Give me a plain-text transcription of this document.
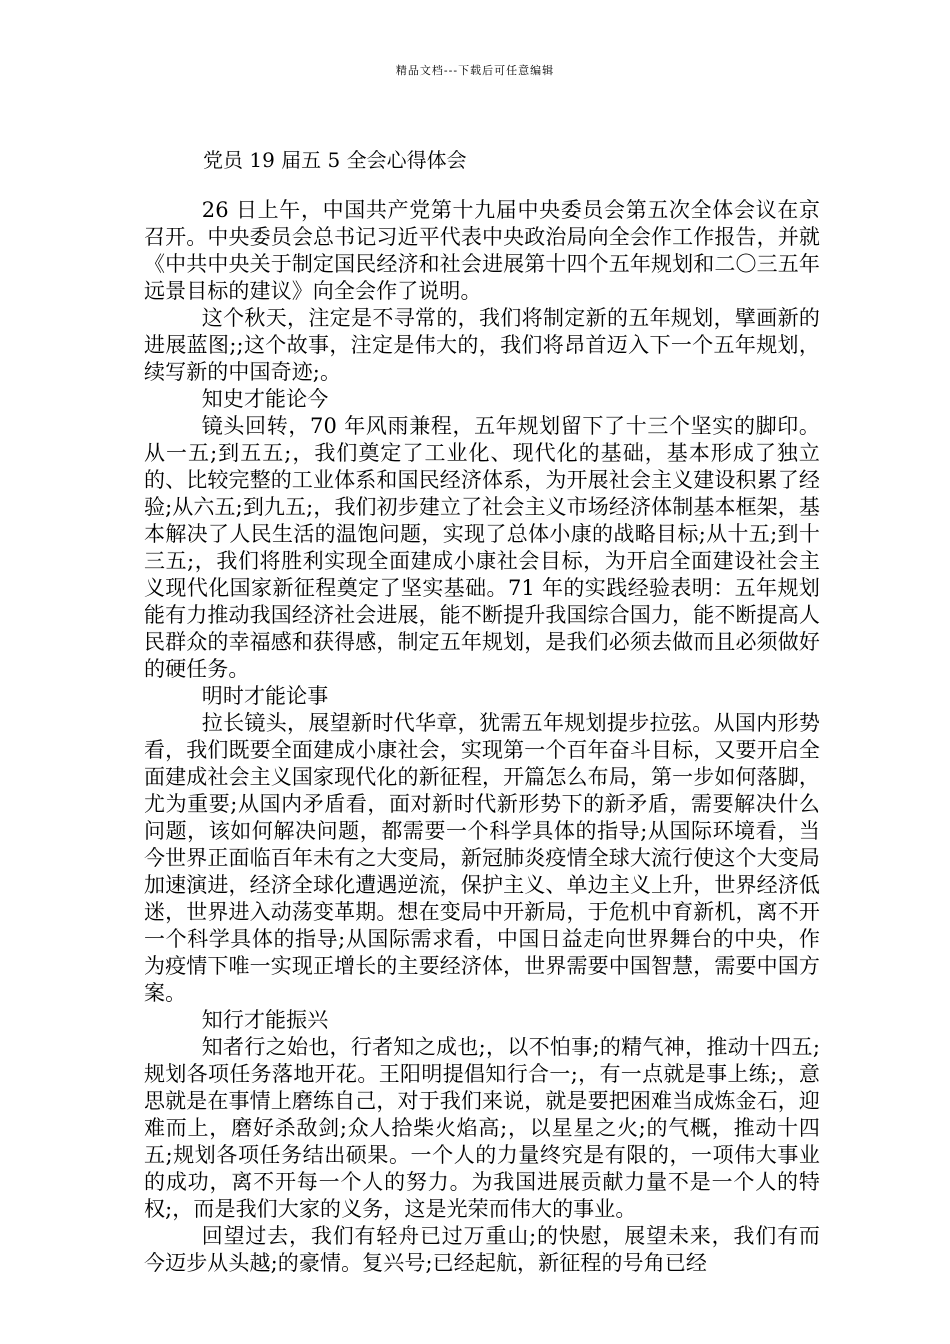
精品文档---下载后可任意编辑
党员 19 届五 5 全会心得体会

26 日上午，中国共产党第十九届中央委员会第五次全体会议在京召开。中央委员会总书记习近平代表中央政治局向全会作工作报告，并就《中共中央关于制定国民经济和社会进展第十四个五年规划和二〇三五年远景目标的建议》向全会作了说明。

这个秋天，注定是不寻常的，我们将制定新的五年规划，擘画新的进展蓝图;;这个故事，注定是伟大的，我们将昂首迈入下一个五年规划，续写新的中国奇迹;。

知史才能论今

镜头回转，70 年风雨兼程，五年规划留下了十三个坚实的脚印。从一五;到五五;，我们奠定了工业化、现代化的基础，基本形成了独立的、比较完整的工业体系和国民经济体系，为开展社会主义建设积累了经验;从六五;到九五;，我们初步建立了社会主义市场经济体制基本框架，基本解决了人民生活的温饱问题，实现了总体小康的战略目标;从十五;到十三五;，我们将胜利实现全面建成小康社会目标，为开启全面建设社会主义现代化国家新征程奠定了坚实基础。71 年的实践经验表明：五年规划能有力推动我国经济社会进展，能不断提升我国综合国力，能不断提高人民群众的幸福感和获得感，制定五年规划，是我们必须去做而且必须做好的硬任务。

明时才能论事

拉长镜头，展望新时代华章，犹需五年规划提步拉弦。从国内形势看，我们既要全面建成小康社会，实现第一个百年奋斗目标，又要开启全面建成社会主义国家现代化的新征程，开篇怎么布局，第一步如何落脚，尤为重要;从国内矛盾看，面对新时代新形势下的新矛盾，需要解决什么问题，该如何解决问题，都需要一个科学具体的指导;从国际环境看，当今世界正面临百年未有之大变局，新冠肺炎疫情全球大流行使这个大变局加速演进，经济全球化遭遇逆流，保护主义、单边主义上升，世界经济低迷，世界进入动荡变革期。想在变局中开新局，于危机中育新机，离不开一个科学具体的指导;从国际需求看，中国日益走向世界舞台的中央，作为疫情下唯一实现正增长的主要经济体，世界需要中国智慧，需要中国方案。

知行才能振兴

知者行之始也，行者知之成也;，以不怕事;的精气神，推动十四五;规划各项任务落地开花。王阳明提倡知行合一;，有一点就是事上练;，意思就是在事情上磨练自己，对于我们来说，就是要把困难当成炼金石，迎难而上，磨好杀敌剑;众人拾柴火焰高;，以星星之火;的气概，推动十四五;规划各项任务结出硕果。一个人的力量终究是有限的，一项伟大事业的成功，离不开每一个人的努力。为我国进展贡献力量不是一个人的特权;，而是我们大家的义务，这是光荣而伟大的事业。

回望过去，我们有轻舟已过万重山;的快慰，展望未来，我们有而今迈步从头越;的豪情。复兴号;已经起航，新征程的号角已经
